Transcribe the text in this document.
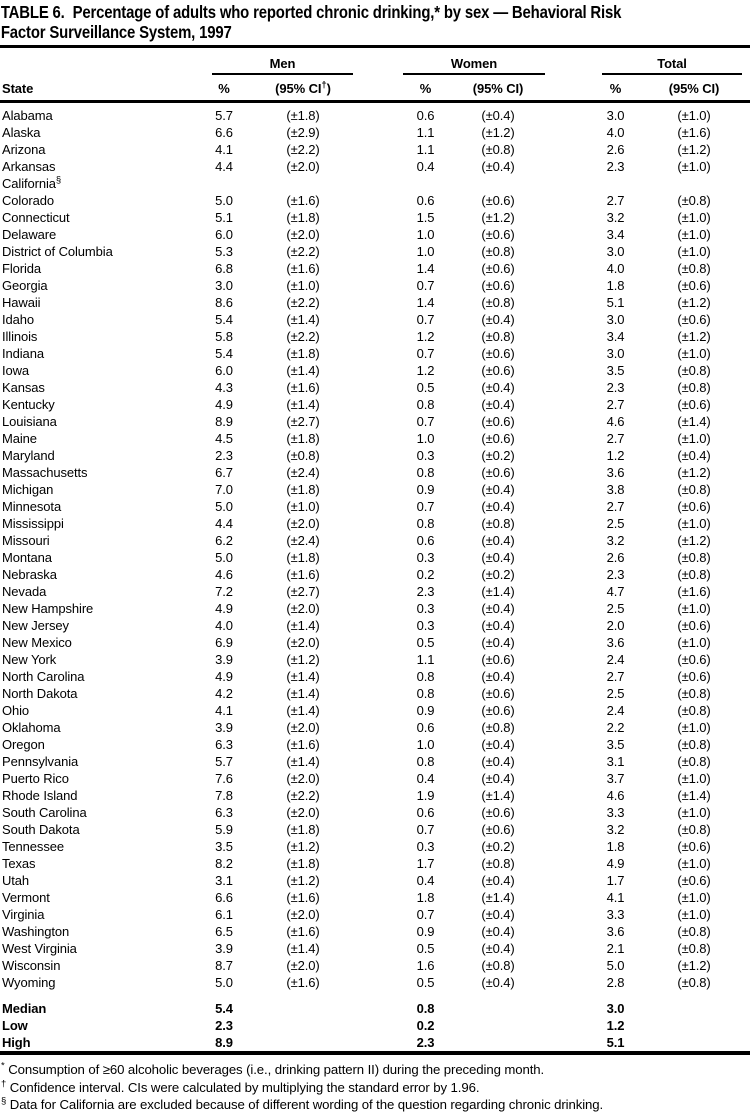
TABLE 6.  Percentage of adults who reported chronic drinking,* by sex — Behavioral Risk
Factor Surveillance System, 1997

	Men			Women			Total	

State	%	(95% CI†)		%	(95% CI)		%	(95% CI)
Alabama	5.7	(±1.8)		0.6	(±0.4)		3.0	(±1.0)
Alaska	6.6	(±2.9)		1.1	(±1.2)		4.0	(±1.6)
Arizona	4.1	(±2.2)		1.1	(±0.8)		2.6	(±1.2)
Arkansas	4.4	(±2.0)		0.4	(±0.4)		2.3	(±1.0)
California§								
Colorado	5.0	(±1.6)		0.6	(±0.6)		2.7	(±0.8)
Connecticut	5.1	(±1.8)		1.5	(±1.2)		3.2	(±1.0)
Delaware	6.0	(±2.0)		1.0	(±0.6)		3.4	(±1.0)
District of Columbia	5.3	(±2.2)		1.0	(±0.8)		3.0	(±1.0)
Florida	6.8	(±1.6)		1.4	(±0.6)		4.0	(±0.8)
Georgia	3.0	(±1.0)		0.7	(±0.6)		1.8	(±0.6)
Hawaii	8.6	(±2.2)		1.4	(±0.8)		5.1	(±1.2)
Idaho	5.4	(±1.4)		0.7	(±0.4)		3.0	(±0.6)
Illinois	5.8	(±2.2)		1.2	(±0.8)		3.4	(±1.2)
Indiana	5.4	(±1.8)		0.7	(±0.6)		3.0	(±1.0)
Iowa	6.0	(±1.4)		1.2	(±0.6)		3.5	(±0.8)
Kansas	4.3	(±1.6)		0.5	(±0.4)		2.3	(±0.8)
Kentucky	4.9	(±1.4)		0.8	(±0.4)		2.7	(±0.6)
Louisiana	8.9	(±2.7)		0.7	(±0.6)		4.6	(±1.4)
Maine	4.5	(±1.8)		1.0	(±0.6)		2.7	(±1.0)
Maryland	2.3	(±0.8)		0.3	(±0.2)		1.2	(±0.4)
Massachusetts	6.7	(±2.4)		0.8	(±0.6)		3.6	(±1.2)
Michigan	7.0	(±1.8)		0.9	(±0.4)		3.8	(±0.8)
Minnesota	5.0	(±1.0)		0.7	(±0.4)		2.7	(±0.6)
Mississippi	4.4	(±2.0)		0.8	(±0.8)		2.5	(±1.0)
Missouri	6.2	(±2.4)		0.6	(±0.4)		3.2	(±1.2)
Montana	5.0	(±1.8)		0.3	(±0.4)		2.6	(±0.8)
Nebraska	4.6	(±1.6)		0.2	(±0.2)		2.3	(±0.8)
Nevada	7.2	(±2.7)		2.3	(±1.4)		4.7	(±1.6)
New Hampshire	4.9	(±2.0)		0.3	(±0.4)		2.5	(±1.0)
New Jersey	4.0	(±1.4)		0.3	(±0.4)		2.0	(±0.6)
New Mexico	6.9	(±2.0)		0.5	(±0.4)		3.6	(±1.0)
New York	3.9	(±1.2)		1.1	(±0.6)		2.4	(±0.6)
North Carolina	4.9	(±1.4)		0.8	(±0.4)		2.7	(±0.6)
North Dakota	4.2	(±1.4)		0.8	(±0.6)		2.5	(±0.8)
Ohio	4.1	(±1.4)		0.9	(±0.6)		2.4	(±0.8)
Oklahoma	3.9	(±2.0)		0.6	(±0.8)		2.2	(±1.0)
Oregon	6.3	(±1.6)		1.0	(±0.4)		3.5	(±0.8)
Pennsylvania	5.7	(±1.4)		0.8	(±0.4)		3.1	(±0.8)
Puerto Rico	7.6	(±2.0)		0.4	(±0.4)		3.7	(±1.0)
Rhode Island	7.8	(±2.2)		1.9	(±1.4)		4.6	(±1.4)
South Carolina	6.3	(±2.0)		0.6	(±0.6)		3.3	(±1.0)
South Dakota	5.9	(±1.8)		0.7	(±0.6)		3.2	(±0.8)
Tennessee	3.5	(±1.2)		0.3	(±0.2)		1.8	(±0.6)
Texas	8.2	(±1.8)		1.7	(±0.8)		4.9	(±1.0)
Utah	3.1	(±1.2)		0.4	(±0.4)		1.7	(±0.6)
Vermont	6.6	(±1.6)		1.8	(±1.4)		4.1	(±1.0)
Virginia	6.1	(±2.0)		0.7	(±0.4)		3.3	(±1.0)
Washington	6.5	(±1.6)		0.9	(±0.4)		3.6	(±0.8)
West Virginia	3.9	(±1.4)		0.5	(±0.4)		2.1	(±0.8)
Wisconsin	8.7	(±2.0)		1.6	(±0.8)		5.0	(±1.2)
Wyoming	5.0	(±1.6)		0.5	(±0.4)		2.8	(±0.8)
Median	5.4			0.8			3.0	
Low	2.3			0.2			1.2	
High	8.9			2.3			5.1	

* Consumption of ≥60 alcoholic beverages (i.e., drinking pattern II) during the preceding month.

† Confidence interval. CIs were calculated by multiplying the standard error by 1.96.

§ Data for California are excluded because of different wording of the question regarding chronic drinking.
